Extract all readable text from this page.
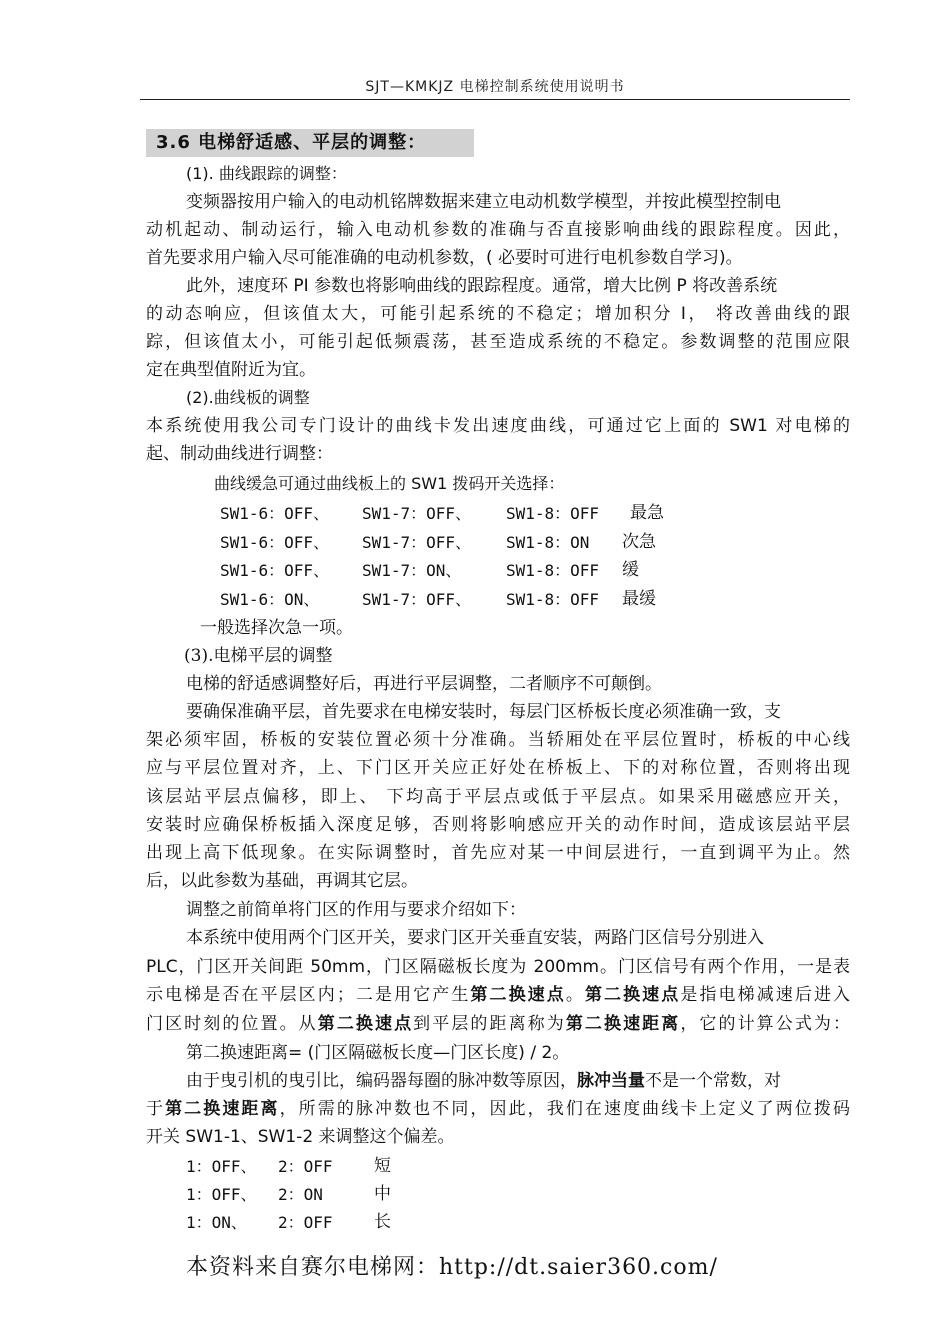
SJT—KMKJZ 电梯控制系统使用说明书
3.6 电梯舒适感、平层的调整：
(1). 曲线跟踪的调整：
变频器按用户输入的电动机铭牌数据来建立电动机数学模型，并按此模型控制电
动机起动、制动运行，输入电动机参数的准确与否直接影响曲线的跟踪程度。因此，
首先要求用户输入尽可能准确的电动机参数，( 必要时可进行电机参数自学习)。
此外，速度环 PI 参数也将影响曲线的跟踪程度。通常，增大比例 P 将改善系统
的动态响应，但该值太大，可能引起系统的不稳定；增加积分 I， 将改善曲线的跟
踪，但该值太小，可能引起低频震荡，甚至造成系统的不稳定。参数调整的范围应限
定在典型值附近为宜。
(2).曲线板的调整
本系统使用我公司专门设计的曲线卡发出速度曲线，可通过它上面的 SW1 对电梯的
起、制动曲线进行调整：
曲线缓急可通过曲线板上的 SW1 拨码开关选择：
SW1-6：OFF、 SW1-7：OFF、 SW1-8：OFF 最急
SW1-6：OFF、 SW1-7：OFF、 SW1-8：ON 次急
SW1-6：OFF、 SW1-7：ON、	SW1-8：OFF 缓
SW1-6：ON、	SW1-7：OFF、 SW1-8：OFF 最缓
一般选择次急一项。
(3).电梯平层的调整
电梯的舒适感调整好后，再进行平层调整，二者顺序不可颠倒。
要确保准确平层，首先要求在电梯安装时，每层门区桥板长度必须准确一致，支
架必须牢固，桥板的安装位置必须十分准确。当轿厢处在平层位置时，桥板的中心线
应与平层位置对齐，上、下门区开关应正好处在桥板上、下的对称位置，否则将出现
该层站平层点偏移，即上、 下均高于平层点或低于平层点。如果采用磁感应开关，
安装时应确保桥板插入深度足够，否则将影响感应开关的动作时间，造成该层站平层
出现上高下低现象。在实际调整时，首先应对某一中间层进行，一直到调平为止。然
后，以此参数为基础，再调其它层。
调整之前简单将门区的作用与要求介绍如下：
本系统中使用两个门区开关，要求门区开关垂直安装，两路门区信号分别进入
PLC，门区开关间距 50mm，门区隔磁板长度为 200mm。门区信号有两个作用，一是表
示电梯是否在平层区内；二是用它产生第二换速点。第二换速点是指电梯减速后进入
门区时刻的位置。从第二换速点到平层的距离称为第二换速距离，它的计算公式为：
第二换速距离= (门区隔磁板长度—门区长度) / 2。
由于曳引机的曳引比，编码器每圈的脉冲数等原因，脉冲当量不是一个常数，对
于第二换速距离，所需的脉冲数也不同，因此，我们在速度曲线卡上定义了两位拨码
开关 SW1-1、SW1-2 来调整这个偏差。
1：OFF、 2：OFF 短
1：OFF、 2：ON	中
1：ON、 2：OFF 长
本资料来自赛尔电梯网：http://dt.saier360.com/
